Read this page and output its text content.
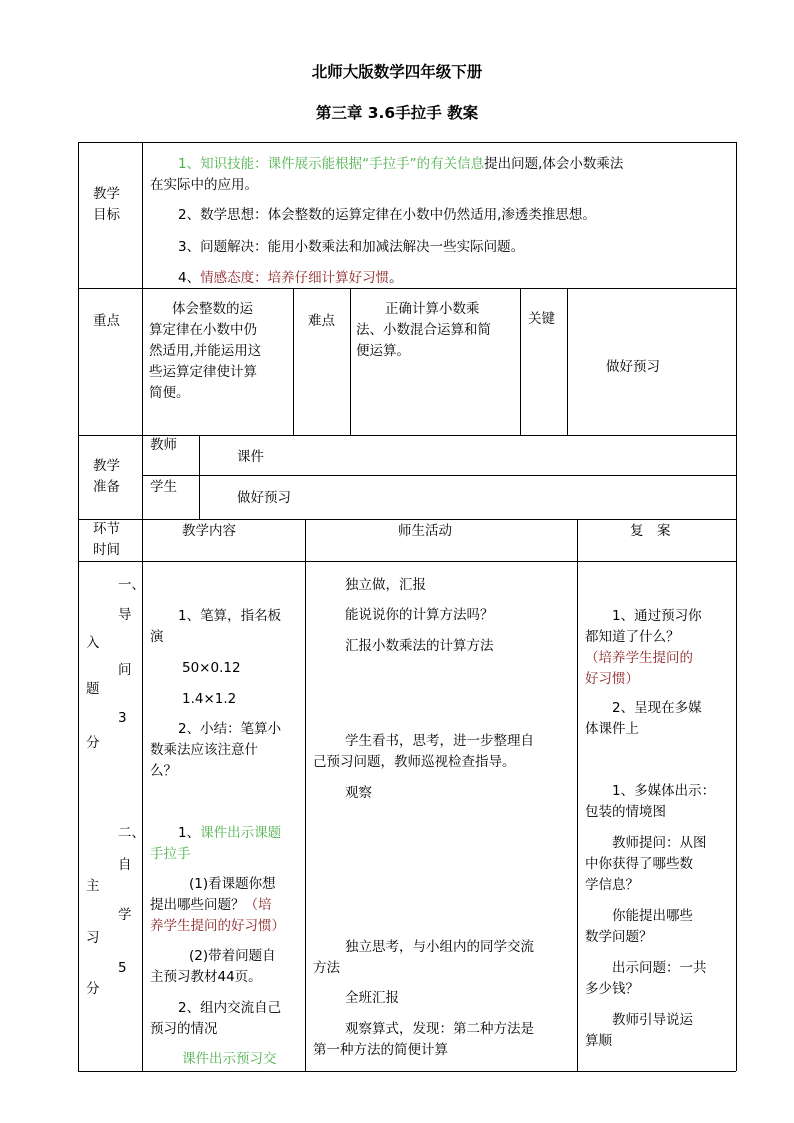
北师大版数学四年级下册
第三章 3.6手拉手 教案
教学
目标
1、知识技能：课件展示能根据“手拉手”的有关信息提出问题,体会小数乘法
在实际中的应用。
2、数学思想：体会整数的运算定律在小数中仍然适用,渗透类推思想。
3、问题解决：能用小数乘法和加减法解决一些实际问题。
4、情感态度：培养仔细计算好习惯。
重点
体会整数的运
算定律在小数中仍
然适用,并能运用这
些运算定律使计算
简便。
难点
正确计算小数乘
法、小数混合运算和简
便运算。
关键
做好预习
教学
准备
教师
课件
学生
做好预习
环节
时间
教学内容	师生活动	复　案
一、
导
入
问
题
3
分
1、笔算，指名板
演
50×0.12
1.4×1.2
2、小结：笔算小
数乘法应该注意什
么？
独立做，汇报
能说说你的计算方法吗？
汇报小数乘法的计算方法
学生看书，思考，进一步整理自
己预习问题，教师巡视检查指导。
观察
1、通过预习你
都知道了什么？
（培养学生提问的
好习惯）
2、呈现在多媒
体课件上
二、
自
主
学
习
5
分
1、课件出示课题
手拉手
(1)看课题你想
提出哪些问题？（培
养学生提问的好习惯）
(2)带着问题自
主预习教材44页。
2、组内交流自己
预习的情况
课件出示预习交
独立思考，与小组内的同学交流
方法
全班汇报
观察算式，发现：第二种方法是
第一种方法的简便计算
1、多媒体出示：
包装的情境图
教师提问：从图
中你获得了哪些数
学信息？
你能提出哪些
数学问题？
出示问题：一共
多少钱？
教师引导说运
算顺
